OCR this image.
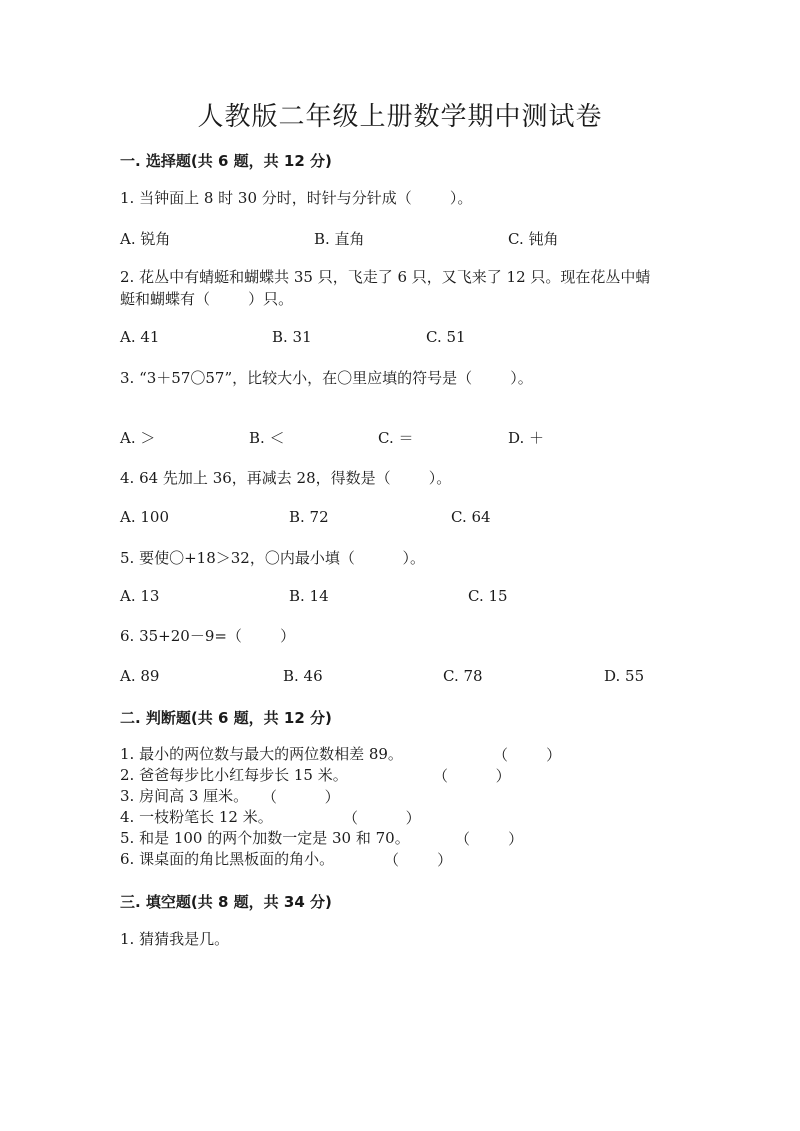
人教版二年级上册数学期中测试卷
一. 选择题(共 6 题，共 12 分)
1. 当钟面上 8 时 30 分时，时针与分针成（        ）。
A. 锐角	B. 直角	C. 钝角
2. 花丛中有蜻蜓和蝴蝶共 35 只，飞走了 6 只，又飞来了 12 只。现在花丛中蜻
蜓和蝴蝶有（        ）只。
A. 41	B. 31	C. 51
3. “3＋57〇57”，比较大小，在〇里应填的符号是（        ）。
A. ＞	B. ＜	C. ＝	D. ＋
4. 64 先加上 36，再减去 28，得数是（        ）。
A. 100	B. 72	C. 64
5. 要使〇+18＞32，〇内最小填（          ）。
A. 13	B. 14	C. 15
6. 35+20－9=（        ）
A. 89	B. 46	C. 78	D. 55
二. 判断题(共 6 题，共 12 分)
1. 最小的两位数与最大的两位数相差 89。	（        ）
2. 爸爸每步比小红每步长 15 米。	（          ）
3. 房间高 3 厘米。 （          ）
4. 一枝粉笔长 12 米。	（          ）
5. 和是 100 的两个加数一定是 30 和 70。	（        ）
6. 课桌面的角比黑板面的角小。	（        ）
三. 填空题(共 8 题，共 34 分)
1. 猜猜我是几。
